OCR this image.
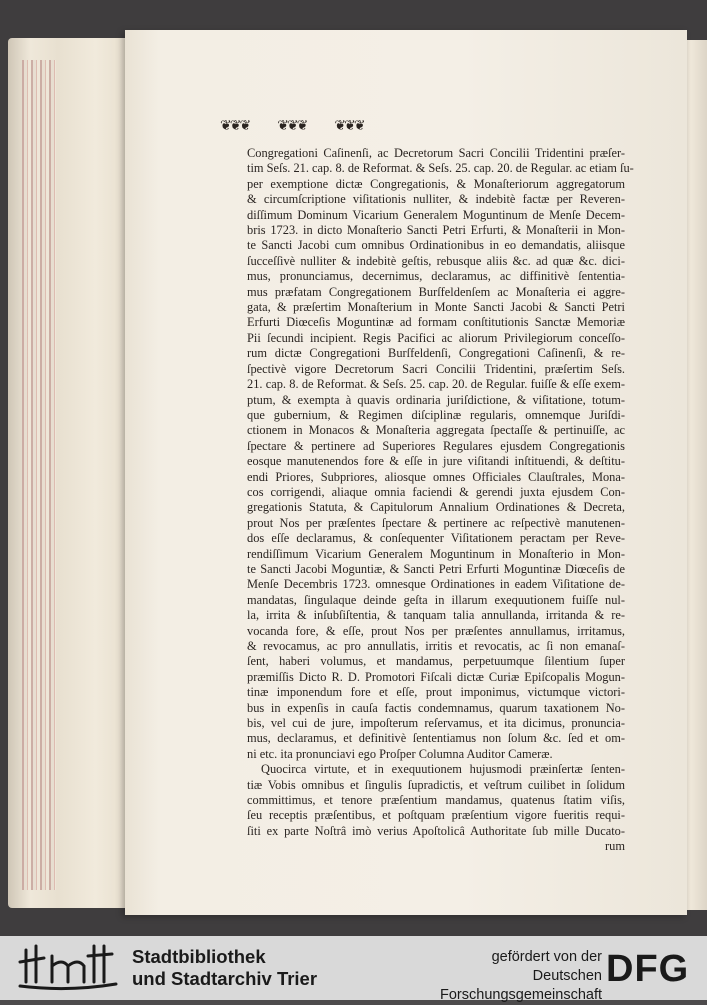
❦❦❦ ❦❦❦ ❦❦❦
Congregationi Caſinenſi, ac Decretorum Sacri Concilii Tridentini præſer-
tim Seſs. 21. cap. 8. de Reformat. & Seſs. 25. cap. 20. de Regular. ac etiam ſu-
per exemptione dictæ Congregationis, & Monaſteriorum aggregatorum
& circumſcriptione viſitationis nulliter, & indebitè factæ per Reveren-
diſſimum Dominum Vicarium Generalem Moguntinum de Menſe Decem-
bris 1723. in dicto Monaſterio Sancti Petri Erfurti, & Monaſterii in Mon-
te Sancti Jacobi cum omnibus Ordinationibus in eo demandatis, aliisque
ſucceſſivè nulliter & indebitè geſtis, rebusque aliis &c. ad quæ &c. dici-
mus, pronunciamus, decernimus, declaramus, ac diffinitivè ſententia-
mus præfatam Congregationem Burſfeldenſem ac Monaſteria ei aggre-
gata, & præſertim Monaſterium in Monte Sancti Jacobi & Sancti Petri
Erfurti Diœceſis Moguntinæ ad formam conſtitutionis Sanctæ Memoriæ
Pii ſecundi incipient. Regis Pacifici ac aliorum Privilegiorum conceſſo-
rum dictæ Congregationi Burſfeldenſi, Congregationi Caſinenſi, & re-
ſpectivè vigore Decretorum Sacri Concilii Tridentini, præſertim Seſs.
21. cap. 8. de Reformat. & Seſs. 25. cap. 20. de Regular. fuiſſe & eſſe exem-
ptum, & exempta à quavis ordinaria juriſdictione, & viſitatione, totum-
que gubernium, & Regimen diſciplinæ regularis, omnemque Juriſdi-
ctionem in Monacos & Monaſteria aggregata ſpectaſſe & pertinuiſſe, ac
ſpectare & pertinere ad Superiores Regulares ejusdem Congregationis
eosque manutenendos fore & eſſe in jure viſitandi inſtituendi, & deſtitu-
endi Priores, Subpriores, aliosque omnes Officiales Clauſtrales, Mona-
cos corrigendi, aliaque omnia faciendi & gerendi juxta ejusdem Con-
gregationis Statuta, & Capitulorum Annalium Ordinationes & Decreta,
prout Nos per præſentes ſpectare & pertinere ac reſpectivè manutenen-
dos eſſe declaramus, & conſequenter Viſitationem peractam per Reve-
rendiſſimum Vicarium Generalem Moguntinum in Monaſterio in Mon-
te Sancti Jacobi Moguntiæ, & Sancti Petri Erfurti Moguntinæ Diœceſis de
Menſe Decembris 1723. omnesque Ordinationes in eadem Viſitatione de-
mandatas, ſingulaque deinde geſta in illarum exequutionem fuiſſe nul-
la, irrita & inſubſiſtentia, & tanquam talia annullanda, irritanda & re-
vocanda fore, & eſſe, prout Nos per præſentes annullamus, irritamus,
& revocamus, ac pro annullatis, irritis et revocatis, ac ſi non emanaſ-
ſent, haberi volumus, et mandamus, perpetuumque ſilentium ſuper
præmiſſis Dicto R. D. Promotori Fiſcali dictæ Curiæ Epiſcopalis Mogun-
tinæ imponendum fore et eſſe, prout imponimus, victumque victori-
bus in expenſis in cauſa factis condemnamus, quarum taxationem No-
bis, vel cui de jure, impoſterum reſervamus, et ita dicimus, pronuncia-
mus, declaramus, et definitivè ſententiamus non ſolum &c. ſed et om-
ni etc. ita pronunciavi ego Proſper Columna Auditor Cameræ.
Quocirca virtute, et in exequutionem hujusmodi præinſertæ ſenten-
tiæ Vobis omnibus et ſingulis ſupradictis, et veſtrum cuilibet in ſolidum
committimus, et tenore præſentium mandamus, quatenus ſtatim viſis,
ſeu receptis præſentibus, et poſtquam præſentium vigore fueritis requi-
ſiti ex parte Noſtrâ imò verius Apoſtolicâ Authoritate ſub mille Ducato-
rum
Stadtbibliothek
und Stadtarchiv Trier
gefördert von der
Deutschen Forschungsgemeinschaft
DFG
